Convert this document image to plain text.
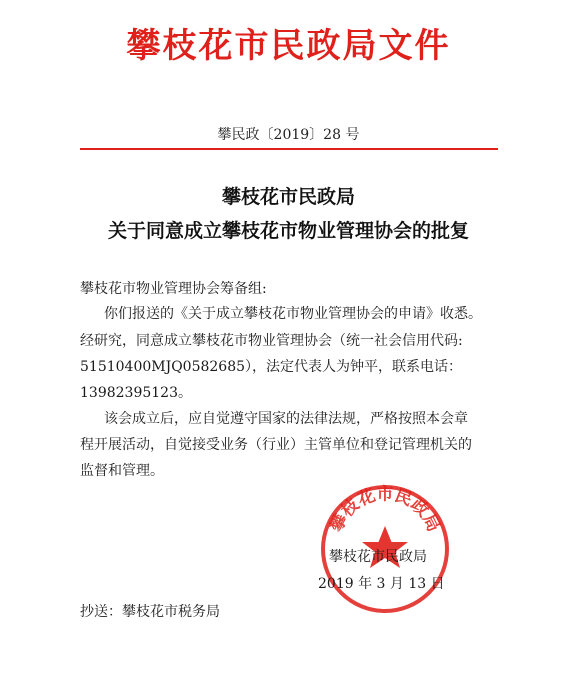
攀枝花市民政局文件
攀民政〔2019〕28 号
攀枝花市民政局
关于同意成立攀枝花市物业管理协会的批复
攀枝花市物业管理协会筹备组:
你们报送的《关于成立攀枝花市物业管理协会的申请》收悉。
经研究，同意成立攀枝花市物业管理协会（统一社会信用代码:
51510400MJQ0582685），法定代表人为钟平，联系电话：
13982395123。
该会成立后，应自觉遵守国家的法律法规，严格按照本会章
程开展活动，自觉接受业务（行业）主管单位和登记管理机关的
监督和管理。
攀枝花市民政局
攀枝花市民政局
2019 年 3 月 13 日
抄送：攀枝花市税务局
